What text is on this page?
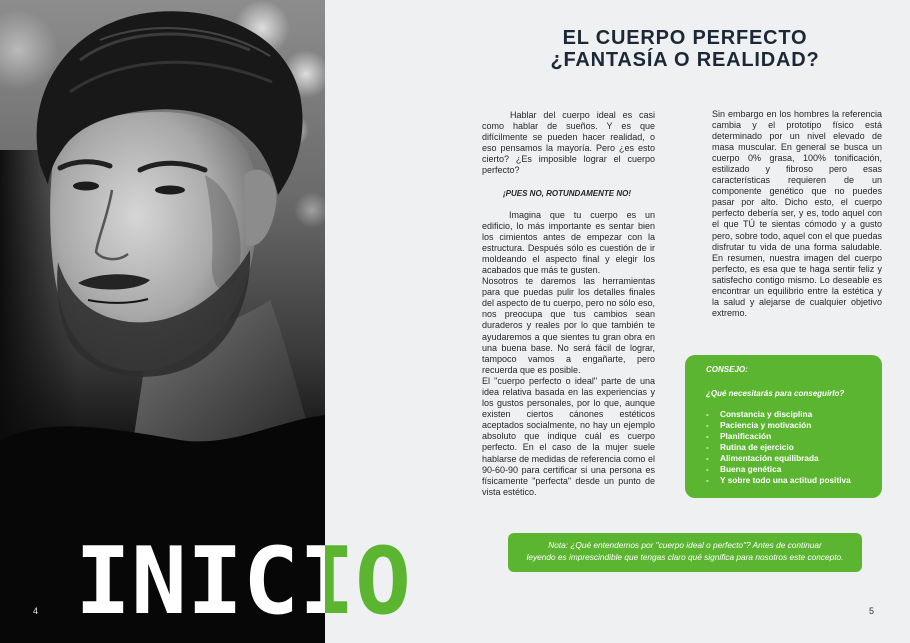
4
EL CUERPO PERFECTO
¿FANTASÍA O REALIDAD?

Hablar del cuerpo ideal es casi como hablar de sueños. Y es que difícilmente se pueden hacer realidad, o eso pensamos la mayoría. Pero ¿es esto cierto? ¿Es imposible lograr el cuerpo perfecto?

¡PUES NO, ROTUNDAMENTE NO!

Imagina que tu cuerpo es un edificio, lo más importante es sentar bien los cimientos antes de empezar con la estructura. Después sólo es cuestión de ir moldeando el aspecto final y elegir los acabados que más te gusten.

Nosotros te daremos las herramientas para que puedas pulir los detalles finales del aspecto de tu cuerpo, pero no sólo eso, nos preocupa que tus cambios sean duraderos y reales por lo que también te ayudaremos a que sientes tu gran obra en una buena base. No será fácil de lograr, tampoco vamos a engañarte, pero recuerda que es posible.

El "cuerpo perfecto o ideal" parte de una idea relativa basada en las experiencias y los gustos personales, por lo que, aunque existen ciertos cánones estéticos aceptados socialmente, no hay un ejemplo absoluto que indique cuál es cuerpo perfecto. En el caso de la mujer suele hablarse de medidas de referencia como el 90-60-90 para certificar si una persona es físicamente "perfecta" desde un punto de vista estético.

Sin embargo en los hombres la referencia cambia y el prototipo físico está determinado por un nivel elevado de masa muscular. En general se busca un cuerpo 0% grasa, 100% tonificación, estilizado y fibroso pero esas características requieren de un componente genético que no puedes pasar por alto. Dicho esto, el cuerpo perfecto debería ser, y es, todo aquel con el que TÚ te sientas cómodo y a gusto pero, sobre todo, aquel con el que puedas disfrutar tu vida de una forma saludable. En resumen, nuestra imagen del cuerpo perfecto, es esa que te haga sentir feliz y satisfecho contigo mismo. Lo deseable es encontrar un equilibrio entre la estética y la salud y alejarse de cualquier objetivo extremo.

CONSEJO:
¿Qué necesitarás para conseguirlo?
- Constancia y disciplina
- Paciencia y motivación
- Planificación
- Rutina de ejercicio
- Alimentación equilibrada
- Buena genética
- Y sobre todo una actitud positiva
Nota: ¿Qué entendemos por "cuerpo ideal o perfecto"? Antes de continuar
leyendo es imprescindible que tengas claro qué significa para nosotros este concepto.
5
INICIO
